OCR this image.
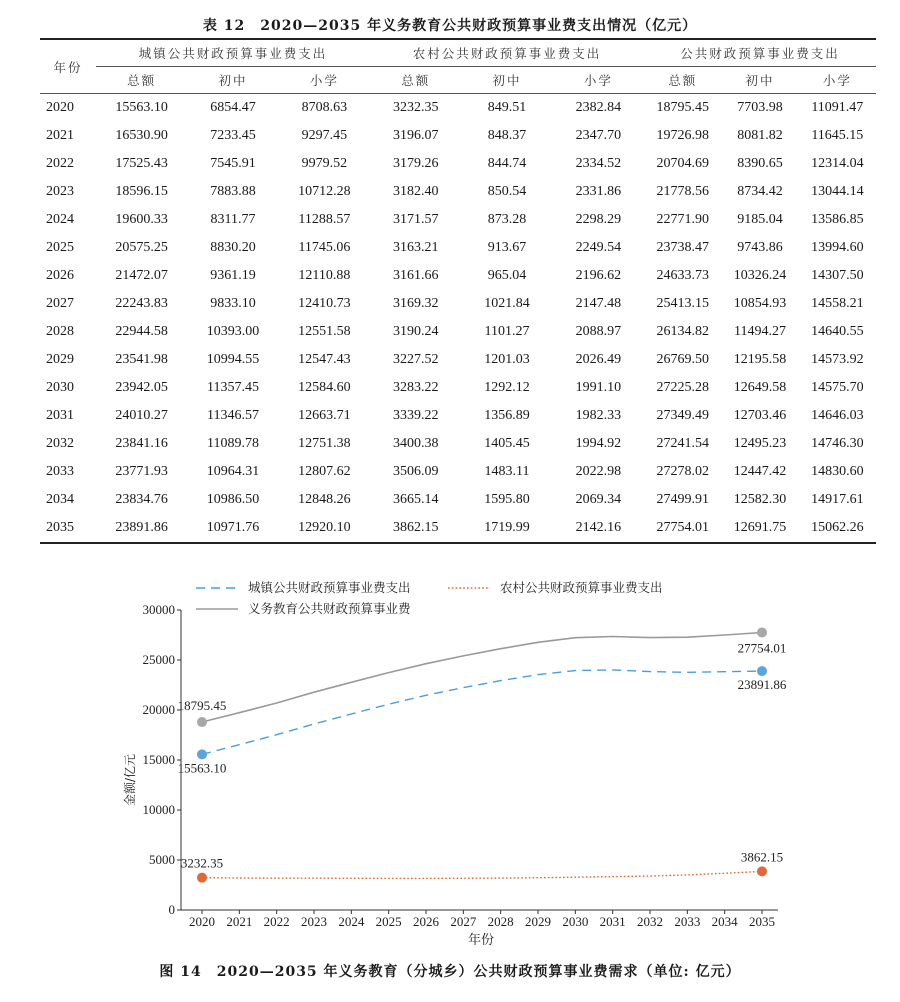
表 12　2020—2035 年义务教育公共财政预算事业费支出情况（亿元）
年份	城镇公共财政预算事业费支出			农村公共财政预算事业费支出			公共财政预算事业费支出		
	总额	初中	小学	总额	初中	小学	总额	初中	小学
2020	15563.10	6854.47	8708.63	3232.35	849.51	2382.84	18795.45	7703.98	11091.47
2021	16530.90	7233.45	9297.45	3196.07	848.37	2347.70	19726.98	8081.82	11645.15
2022	17525.43	7545.91	9979.52	3179.26	844.74	2334.52	20704.69	8390.65	12314.04
2023	18596.15	7883.88	10712.28	3182.40	850.54	2331.86	21778.56	8734.42	13044.14
2024	19600.33	8311.77	11288.57	3171.57	873.28	2298.29	22771.90	9185.04	13586.85
2025	20575.25	8830.20	11745.06	3163.21	913.67	2249.54	23738.47	9743.86	13994.60
2026	21472.07	9361.19	12110.88	3161.66	965.04	2196.62	24633.73	10326.24	14307.50
2027	22243.83	9833.10	12410.73	3169.32	1021.84	2147.48	25413.15	10854.93	14558.21
2028	22944.58	10393.00	12551.58	3190.24	1101.27	2088.97	26134.82	11494.27	14640.55
2029	23541.98	10994.55	12547.43	3227.52	1201.03	2026.49	26769.50	12195.58	14573.92
2030	23942.05	11357.45	12584.60	3283.22	1292.12	1991.10	27225.28	12649.58	14575.70
2031	24010.27	11346.57	12663.71	3339.22	1356.89	1982.33	27349.49	12703.46	14646.03
2032	23841.16	11089.78	12751.38	3400.38	1405.45	1994.92	27241.54	12495.23	14746.30
2033	23771.93	10964.31	12807.62	3506.09	1483.11	2022.98	27278.02	12447.42	14830.60
2034	23834.76	10986.50	12848.26	3665.14	1595.80	2069.34	27499.91	12582.30	14917.61
2035	23891.86	10971.76	12920.10	3862.15	1719.99	2142.16	27754.01	12691.75	15062.26
0
5000
10000
15000
20000
25000
30000
2020 2021 2022 2023 2024 2025 2026 2027 2028 2029 2030 2031 2032 2033 2034 2035
年份
金额/亿元	15563.10
23891.86
3232.35	3862.15
18795.45
27754.01
城镇公共财政预算事业费支出	农村公共财政预算事业费支出
义务教育公共财政预算事业费
图 14　2020—2035 年义务教育（分城乡）公共财政预算事业费需求（单位: 亿元）
